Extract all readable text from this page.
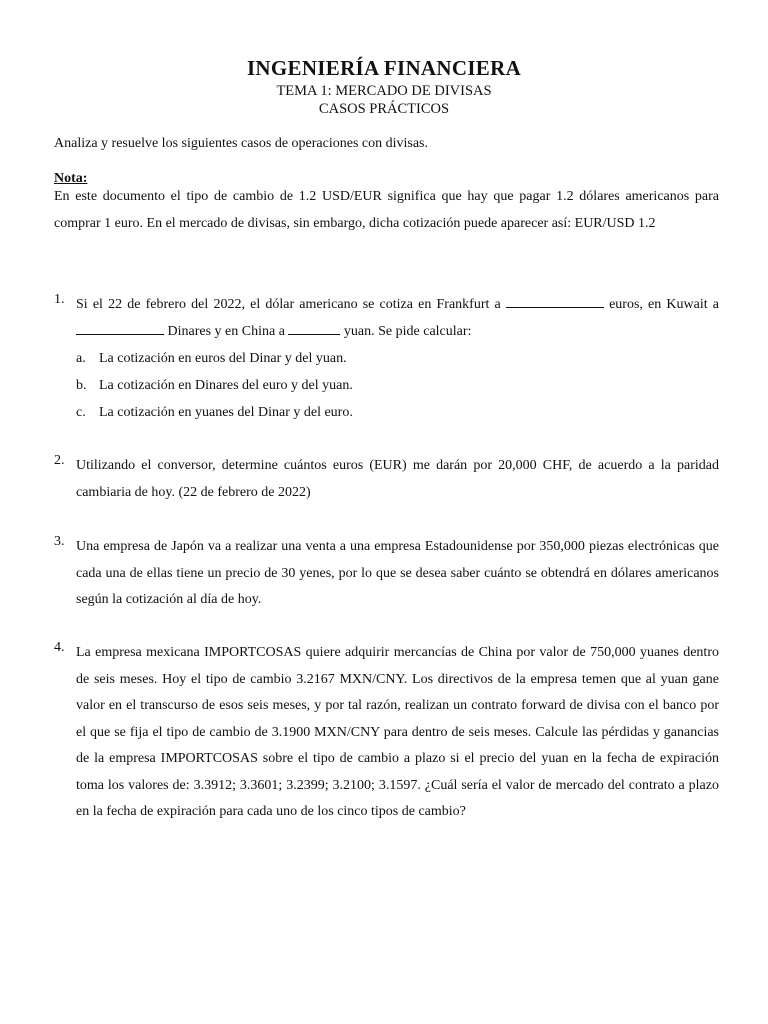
INGENIERÍA FINANCIERA
TEMA 1: MERCADO DE DIVISAS
CASOS PRÁCTICOS
Analiza y resuelve los siguientes casos de operaciones con divisas.
Nota:
En este documento el tipo de cambio de 1.2 USD/EUR significa que hay que pagar 1.2 dólares americanos para comprar 1 euro. En el mercado de divisas, sin embargo, dicha cotización puede aparecer así: EUR/USD 1.2
1. Si el 22 de febrero del 2022, el dólar americano se cotiza en Frankfurt a	euros, en Kuwait a  Dinares y en China a	yuan. Se pide calcular:
a. La cotización en euros del Dinar y del yuan.
b. La cotización en Dinares del euro y del yuan.
c. La cotización en yuanes del Dinar y del euro.
2. Utilizando el conversor, determine cuántos euros (EUR) me darán por 20,000 CHF, de acuerdo a la paridad cambiaria de hoy. (22 de febrero de 2022)
3. Una empresa de Japón va a realizar una venta a una empresa Estadounidense por 350,000 piezas electrónicas que cada una de ellas tiene un precio de 30 yenes, por lo que se desea saber cuánto se obtendrá en dólares americanos según la cotización al día de hoy.
4. La empresa mexicana IMPORTCOSAS quiere adquirir mercancías de China por valor de 750,000 yuanes dentro de seis meses. Hoy el tipo de cambio 3.2167 MXN/CNY. Los directivos de la empresa temen que al yuan gane valor en el transcurso de esos seis meses, y por tal razón, realizan un contrato forward de divisa con el banco por el que se fija el tipo de cambio de 3.1900 MXN/CNY para dentro de seis meses. Calcule las pérdidas y ganancias de la empresa IMPORTCOSAS sobre el tipo de cambio a plazo si el precio del yuan en la fecha de expiración toma los valores de: 3.3912; 3.3601; 3.2399; 3.2100; 3.1597. ¿Cuál sería el valor de mercado del contrato a plazo en la fecha de expiración para cada uno de los cinco tipos de cambio?
